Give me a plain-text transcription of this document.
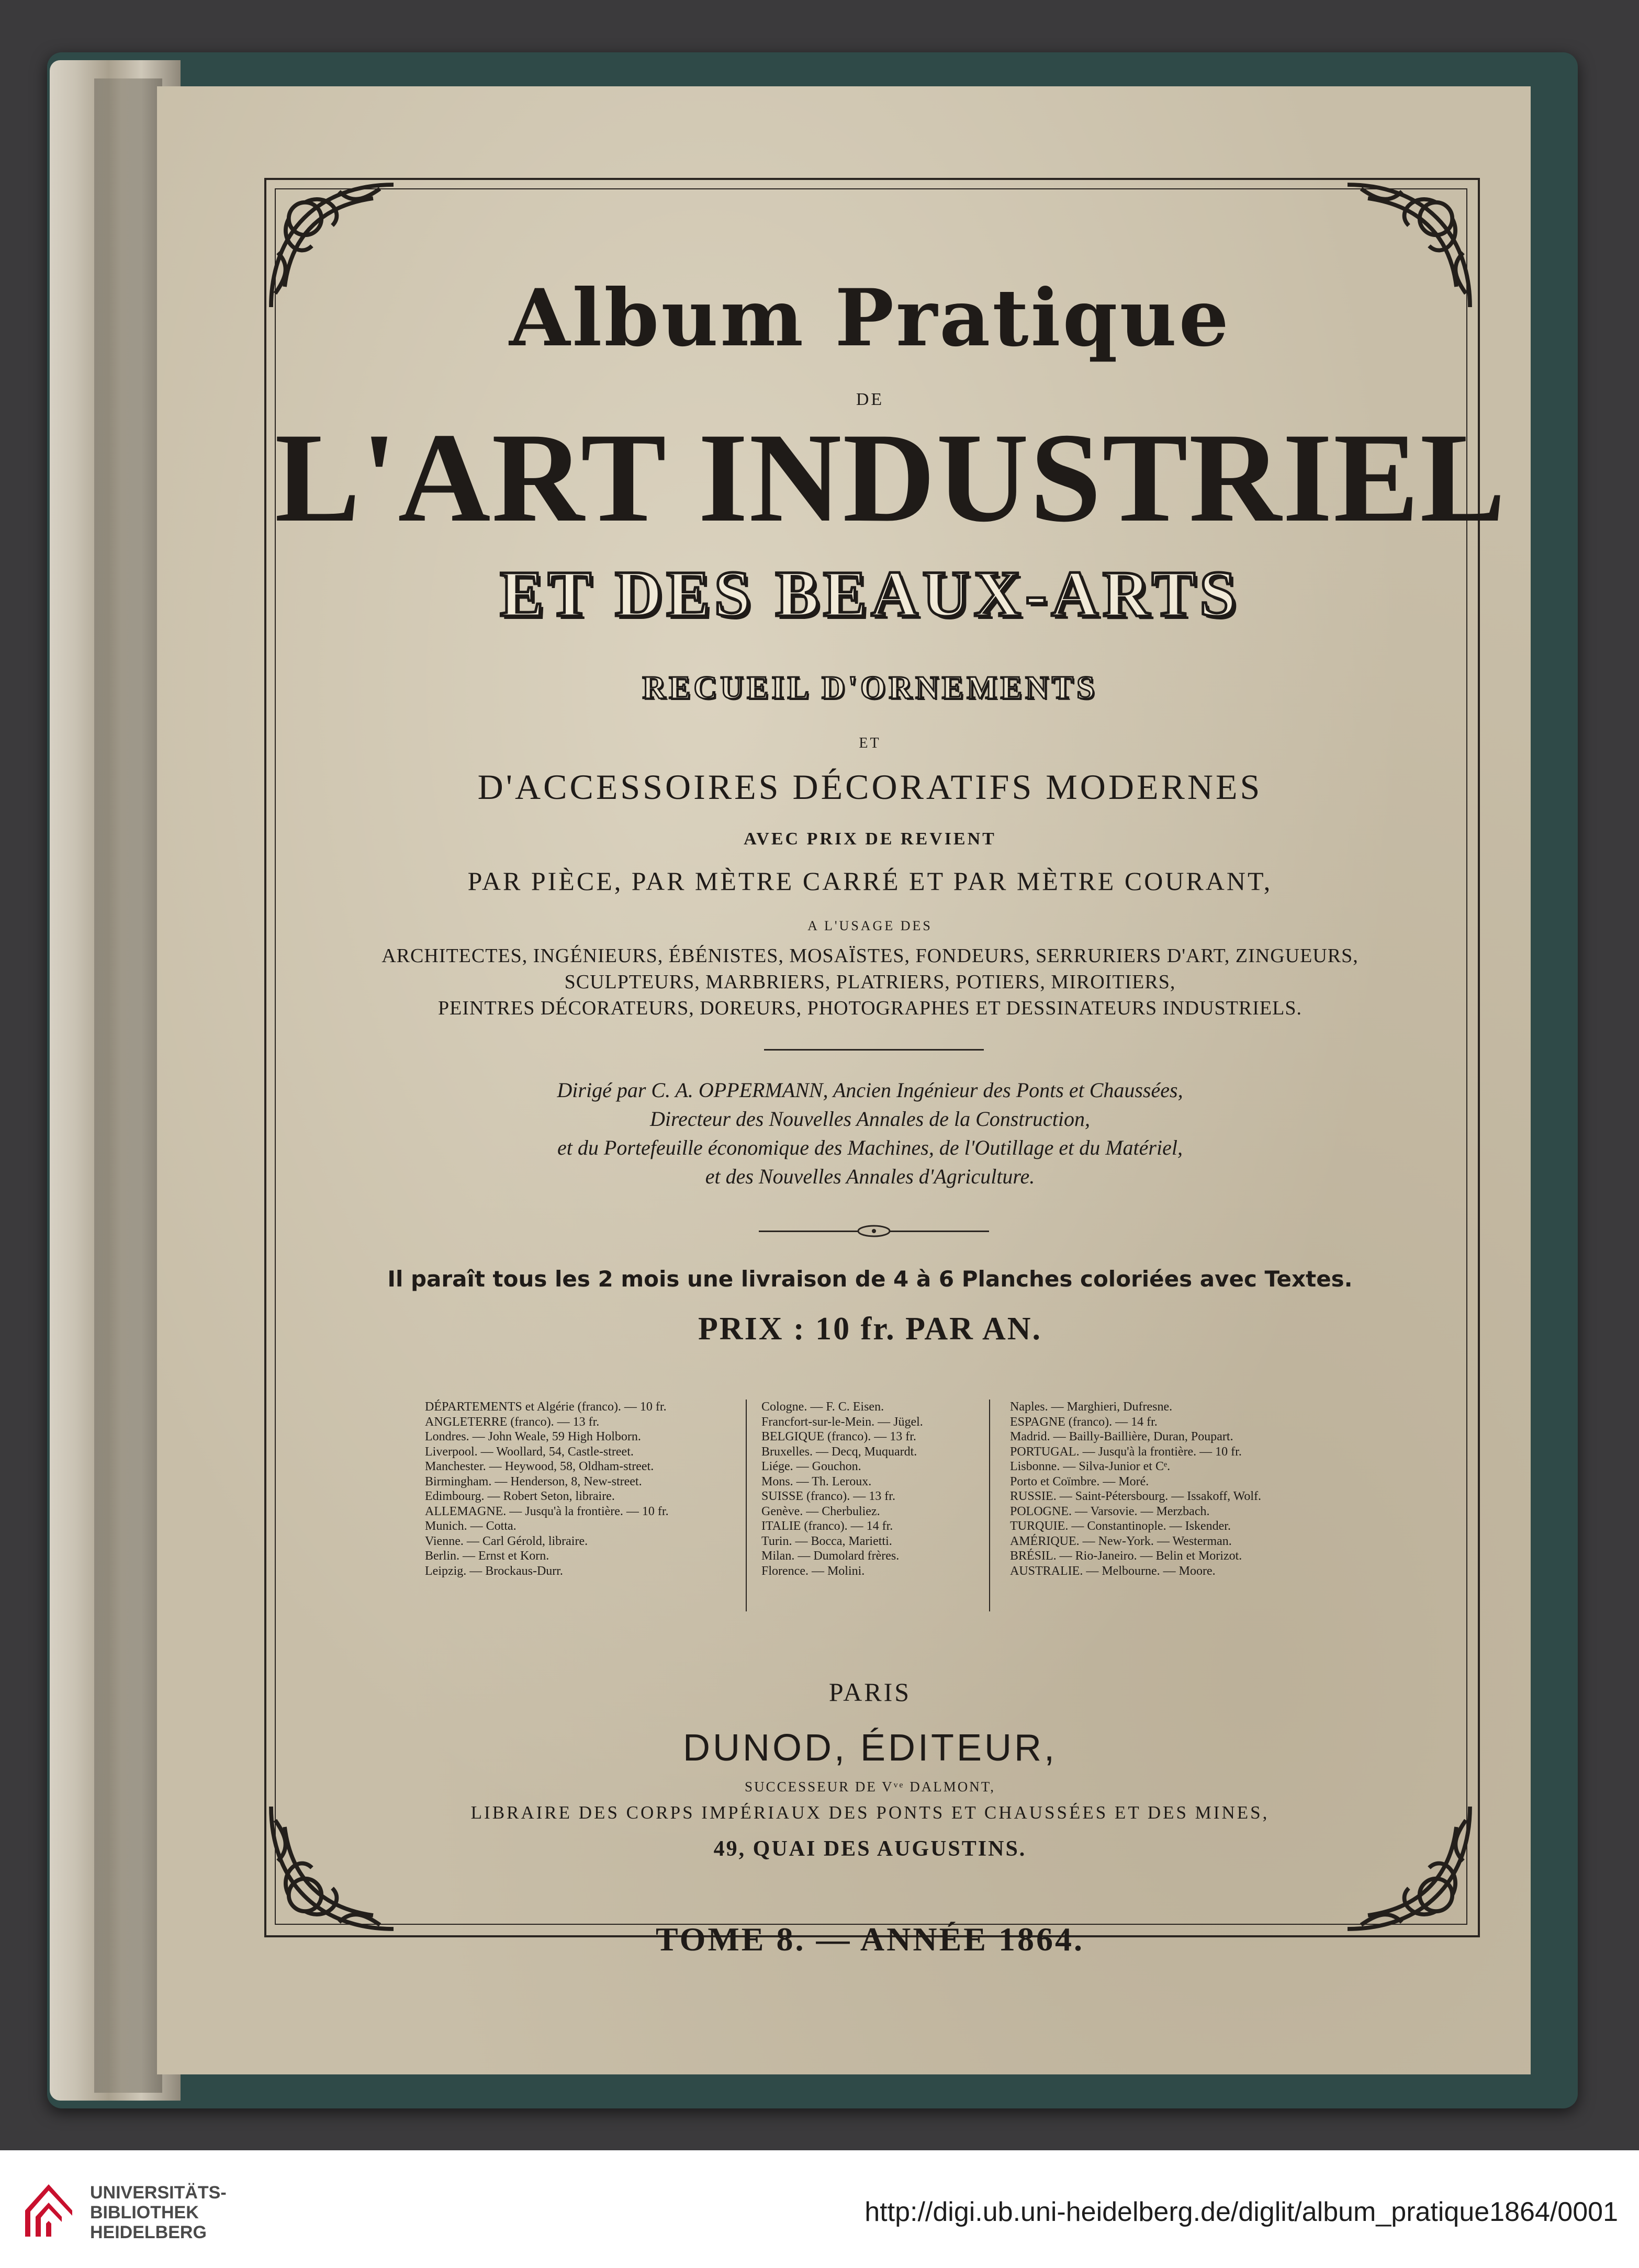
Album Pratique
DE
L'ART INDUSTRIEL
ET DES BEAUX-ARTS
RECUEIL D'ORNEMENTS
ET
D'ACCESSOIRES DÉCORATIFS MODERNES
AVEC PRIX DE REVIENT
PAR PIÈCE, PAR MÈTRE CARRÉ ET PAR MÈTRE COURANT,
A L'USAGE DES
ARCHITECTES, INGÉNIEURS, ÉBÉNISTES, MOSAÏSTES, FONDEURS, SERRURIERS D'ART, ZINGUEURS,
SCULPTEURS, MARBRIERS, PLATRIERS, POTIERS, MIROITIERS,
PEINTRES DÉCORATEURS, DOREURS, PHOTOGRAPHES ET DESSINATEURS INDUSTRIELS.
Dirigé par C. A. OPPERMANN, Ancien Ingénieur des Ponts et Chaussées,
Directeur des Nouvelles Annales de la Construction,
et du Portefeuille économique des Machines, de l'Outillage et du Matériel,
et des Nouvelles Annales d'Agriculture.
Il paraît tous les 2 mois une livraison de 4 à 6 Planches coloriées avec Textes.
PRIX : 10 fr. PAR AN.
DÉPARTEMENTS et Algérie (franco). — 10 fr.
ANGLETERRE (franco). — 13 fr.
Londres. — John Weale, 59 High Holborn.
Liverpool. — Woollard, 54, Castle-street.
Manchester. — Heywood, 58, Oldham-street.
Birmingham. — Henderson, 8, New-street.
Edimbourg. — Robert Seton, libraire.
ALLEMAGNE. — Jusqu'à la frontière. — 10 fr.
Munich. — Cotta.
Vienne. — Carl Gérold, libraire.
Berlin. — Ernst et Korn.
Leipzig. — Brockaus-Durr.
Cologne. — F. C. Eisen.
Francfort-sur-le-Mein. — Jügel.
BELGIQUE (franco). — 13 fr.
Bruxelles. — Decq, Muquardt.
Liége. — Gouchon.
Mons. — Th. Leroux.
SUISSE (franco). — 13 fr.
Genève. — Cherbuliez.
ITALIE (franco). — 14 fr.
Turin. — Bocca, Marietti.
Milan. — Dumolard frères.
Florence. — Molini.
Naples. — Marghieri, Dufresne.
ESPAGNE (franco). — 14 fr.
Madrid. — Bailly-Baillière, Duran, Poupart.
PORTUGAL. — Jusqu'à la frontière. — 10 fr.
Lisbonne. — Silva-Junior et Cᵉ.
Porto et Coïmbre. — Moré.
RUSSIE. — Saint-Pétersbourg. — Issakoff, Wolf.
POLOGNE. — Varsovie. — Merzbach.
TURQUIE. — Constantinople. — Iskender.
AMÉRIQUE. — New-York. — Westerman.
BRÉSIL. — Rio-Janeiro. — Belin et Morizot.
AUSTRALIE. — Melbourne. — Moore.
PARIS
DUNOD, ÉDITEUR,
SUCCESSEUR DE Vᵛᵉ DALMONT,
LIBRAIRE DES CORPS IMPÉRIAUX DES PONTS ET CHAUSSÉES ET DES MINES,
49, QUAI DES AUGUSTINS.
TOME 8. — ANNÉE 1864.
UNIVERSITÄTS-
BIBLIOTHEK
HEIDELBERG
http://digi.ub.uni-heidelberg.de/diglit/album_pratique1864/0001
